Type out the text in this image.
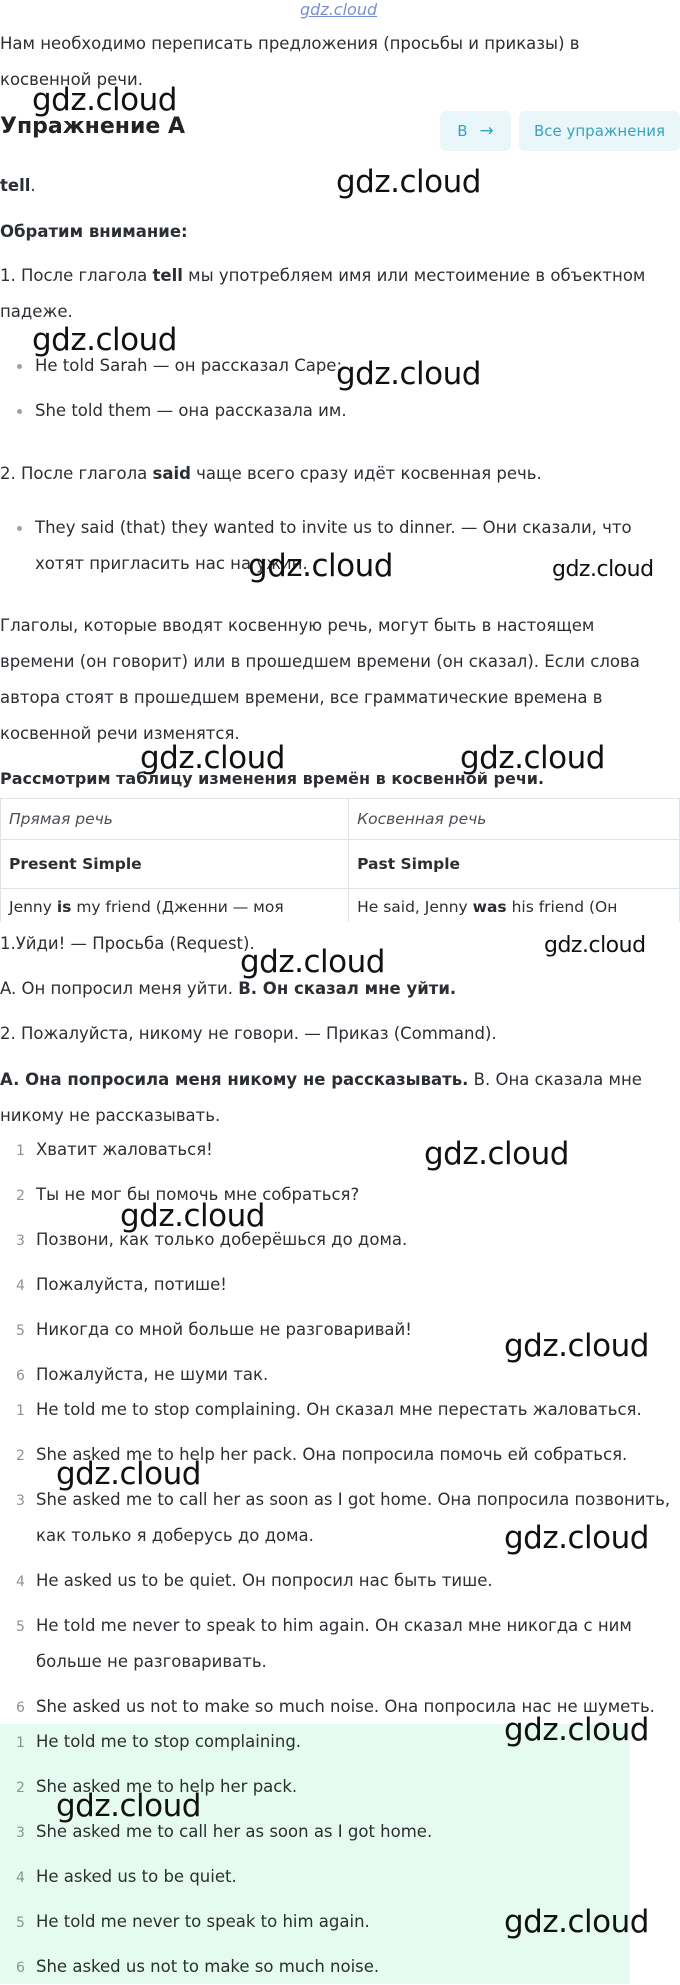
gdz.cloud

Нам необходимо переписать предложения (просьбы и приказы) в косвенной речи.

Упражнение A	B →	Все упражнения

tell.

Обратим внимание:

1. После глагола tell мы употребляем имя или местоимение в объектном падеже.

He told Sarah — он рассказал Саре;
She told them — она рассказала им.

2. После глагола said чаще всего сразу идёт косвенная речь.

They said (that) they wanted to invite us to dinner. — Они сказали, что хотят пригласить нас на ужин.

Глаголы, которые вводят косвенную речь, могут быть в настоящем времени (он говорит) или в прошедшем времени (он сказал). Если слова автора стоят в прошедшем времени, все грамматические времена в косвенной речи изменятся.

Рассмотрим таблицу изменения времён в косвенной речи.

Прямая речь	Косвенная речь
Present Simple	Past Simple
Jenny is my friend (Дженни — моя	He said, Jenny was his friend (Он

1.Уйди! — Просьба (Request).

A. Он попросил меня уйти. B. Он сказал мне уйти.

2. Пожалуйста, никому не говори. — Приказ (Command).

A. Она попросила меня никому не рассказывать. B. Она сказала мне никому не рассказывать.

1 Хватит жаловаться!

2 Ты не мог бы помочь мне собраться?

3 Позвони, как только доберёшься до дома.

4 Пожалуйста, потише!

5 Никогда со мной больше не разговаривай!

6 Пожалуйста, не шуми так.

1 He told me to stop complaining. Он сказал мне перестать жаловаться.

2 She asked me to help her pack. Она попросила помочь ей собраться.

3 She asked me to call her as soon as I got home. Она попросила позвонить, как только я доберусь до дома.

4 He asked us to be quiet. Он попросил нас быть тише.

5 He told me never to speak to him again. Он сказал мне никогда с ним больше не разговаривать.

6 She asked us not to make so much noise. Она попросила нас не шуметь.

1 He told me to stop complaining.

2 She asked me to help her pack.

3 She asked me to call her as soon as I got home.

4 He asked us to be quiet.

5 He told me never to speak to him again.

6 She asked us not to make so much noise.

gdz.cloud
gdz.cloud
gdz.cloud
gdz.cloud
gdz.cloud	gdz.cloud
gdz.cloud	gdz.cloud
gdz.cloud	gdz.cloud
gdz.cloud
gdz.cloud
gdz.cloud
gdz.cloud
gdz.cloud
gdz.cloud
gdz.cloud
gdz.cloud
